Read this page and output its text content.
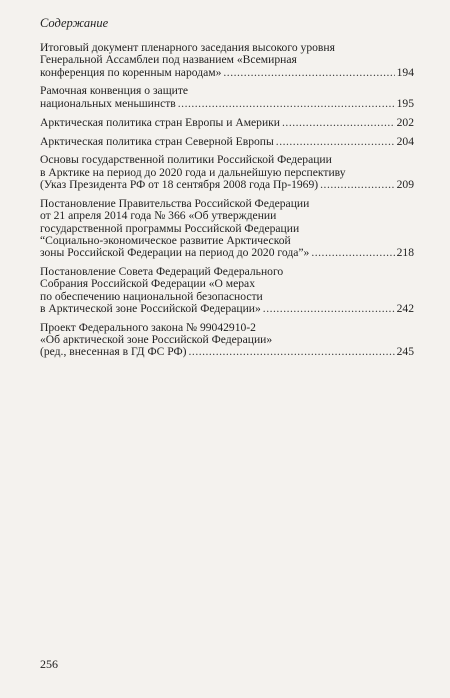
Содержание
Итоговый документ пленарного заседания высокого уровня
Генеральной Ассамблеи под названием «Всемирная
конференция по коренным народам» .....	194
Рамочная конвенция о защите
национальных меньшинств .....	195
Арктическая политика стран Европы и Америки .....	202
Арктическая политика стран Северной Европы .....	204
Основы государственной политики Российской Федерации
в Арктике на период до 2020 года и дальнейшую перспективу
(Указ Президента РФ от 18 сентября 2008 года Пр-1969) .....	209
Постановление Правительства Российской Федерации
от 21 апреля 2014 года № 366 «Об утверждении
государственной программы Российской Федерации
“Социально-экономическое развитие Арктической
зоны Российской Федерации на период до 2020 года”» .....	218
Постановление Совета Федераций Федерального
Собрания Российской Федерации «О мерах
по обеспечению национальной безопасности
в Арктической зоне Российской Федерации» .....	242
Проект Федерального закона № 99042910-2
«Об арктической зоне Российской Федерации»
(ред., внесенная в ГД ФС РФ) .....	245
256
